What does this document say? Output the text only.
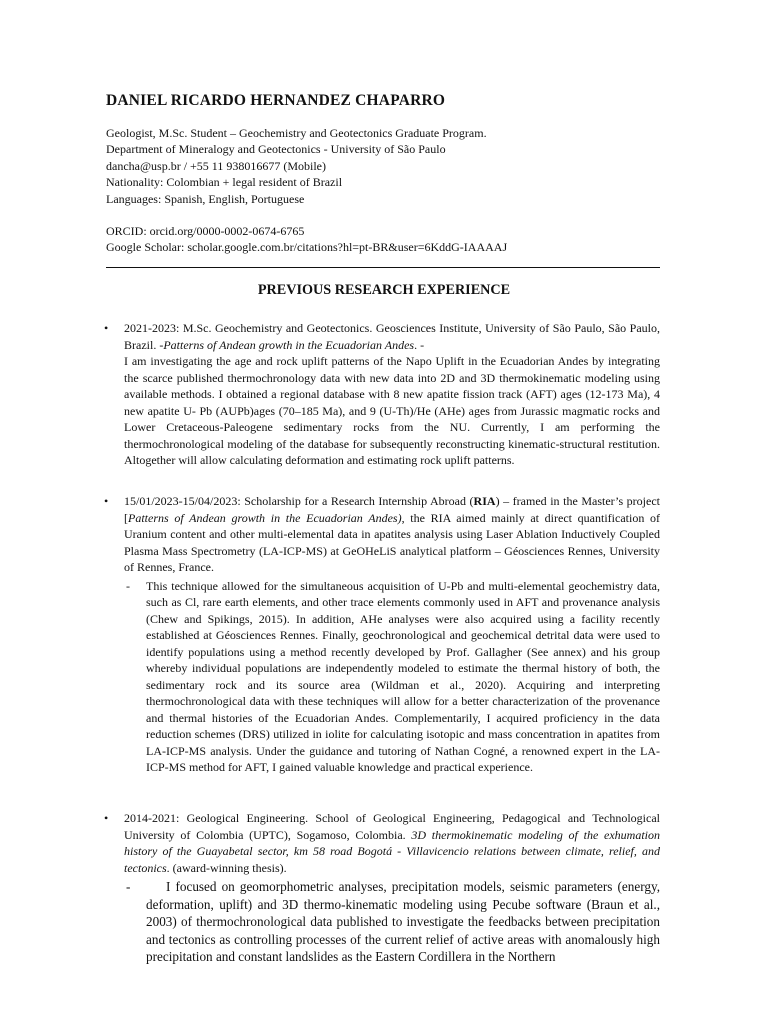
DANIEL RICARDO HERNANDEZ CHAPARRO
Geologist, M.Sc. Student – Geochemistry and Geotectonics Graduate Program.
Department of Mineralogy and Geotectonics - University of São Paulo
dancha@usp.br / +55 11 938016677 (Mobile)
Nationality: Colombian + legal resident of Brazil
Languages: Spanish, English, Portuguese
ORCID: orcid.org/0000-0002-0674-6765
Google Scholar: scholar.google.com.br/citations?hl=pt-BR&user=6KddG-IAAAAJ
PREVIOUS RESEARCH EXPERIENCE
• 2021-2023: M.Sc. Geochemistry and Geotectonics. Geosciences Institute, University of São Paulo, São Paulo, Brazil. -Patterns of Andean growth in the Ecuadorian Andes. -
I am investigating the age and rock uplift patterns of the Napo Uplift in the Ecuadorian Andes by integrating the scarce published thermochronology data with new data into 2D and 3D thermokinematic modeling using available methods. I obtained a regional database with 8 new apatite fission track (AFT) ages (12-173 Ma), 4 new apatite U- Pb (AUPb)ages (70–185 Ma), and 9 (U-Th)/He (AHe) ages from Jurassic magmatic rocks and Lower Cretaceous-Paleogene sedimentary rocks from the NU. Currently, I am performing the thermochronological modeling of the database for subsequently reconstructing kinematic-structural restitution. Altogether will allow calculating deformation and estimating rock uplift patterns.

• 15/01/2023-15/04/2023: Scholarship for a Research Internship Abroad (RIA) – framed in the Master’s project [Patterns of Andean growth in the Ecuadorian Andes), the RIA aimed mainly at direct quantification of Uranium content and other multi-elemental data in apatites analysis using Laser Ablation Inductively Coupled Plasma Mass Spectrometry (LA-ICP-MS) at GeOHeLiS analytical platform – Géosciences Rennes, University of Rennes, France.

- This technique allowed for the simultaneous acquisition of U-Pb and multi-elemental geochemistry data, such as Cl, rare earth elements, and other trace elements commonly used in AFT and provenance analysis (Chew and Spikings, 2015). In addition, AHe analyses were also acquired using a facility recently established at Géosciences Rennes. Finally, geochronological and geochemical detrital data were used to identify populations using a method recently developed by Prof. Gallagher (See annex) and his group whereby individual populations are independently modeled to estimate the thermal history of both, the sedimentary rock and its source area (Wildman et al., 2020). Acquiring and interpreting thermochronological data with these techniques will allow for a better characterization of the provenance and thermal histories of the Ecuadorian Andes. Complementarily, I acquired proficiency in the data reduction schemes (DRS) utilized in iolite for calculating isotopic and mass concentration in apatites from LA-ICP-MS analysis. Under the guidance and tutoring of Nathan Cogné, a renowned expert in the LA-ICP-MS method for AFT, I gained valuable knowledge and practical experience.

• 2014-2021: Geological Engineering. School of Geological Engineering, Pedagogical and Technological University of Colombia (UPTC), Sogamoso, Colombia. 3D thermokinematic modeling of the exhumation history of the Guayabetal sector, km 58 road Bogotá - Villavicencio relations between climate, relief, and tectonics. (award-winning thesis).

-	I focused on geomorphometric analyses, precipitation models, seismic parameters (energy, deformation, uplift) and 3D thermo-kinematic modeling using Pecube software (Braun et al., 2003) of thermochronological data published to investigate the feedbacks between precipitation and tectonics as controlling processes of the current relief of active areas with anomalously high precipitation and constant landslides as the Eastern Cordillera in the Northern
